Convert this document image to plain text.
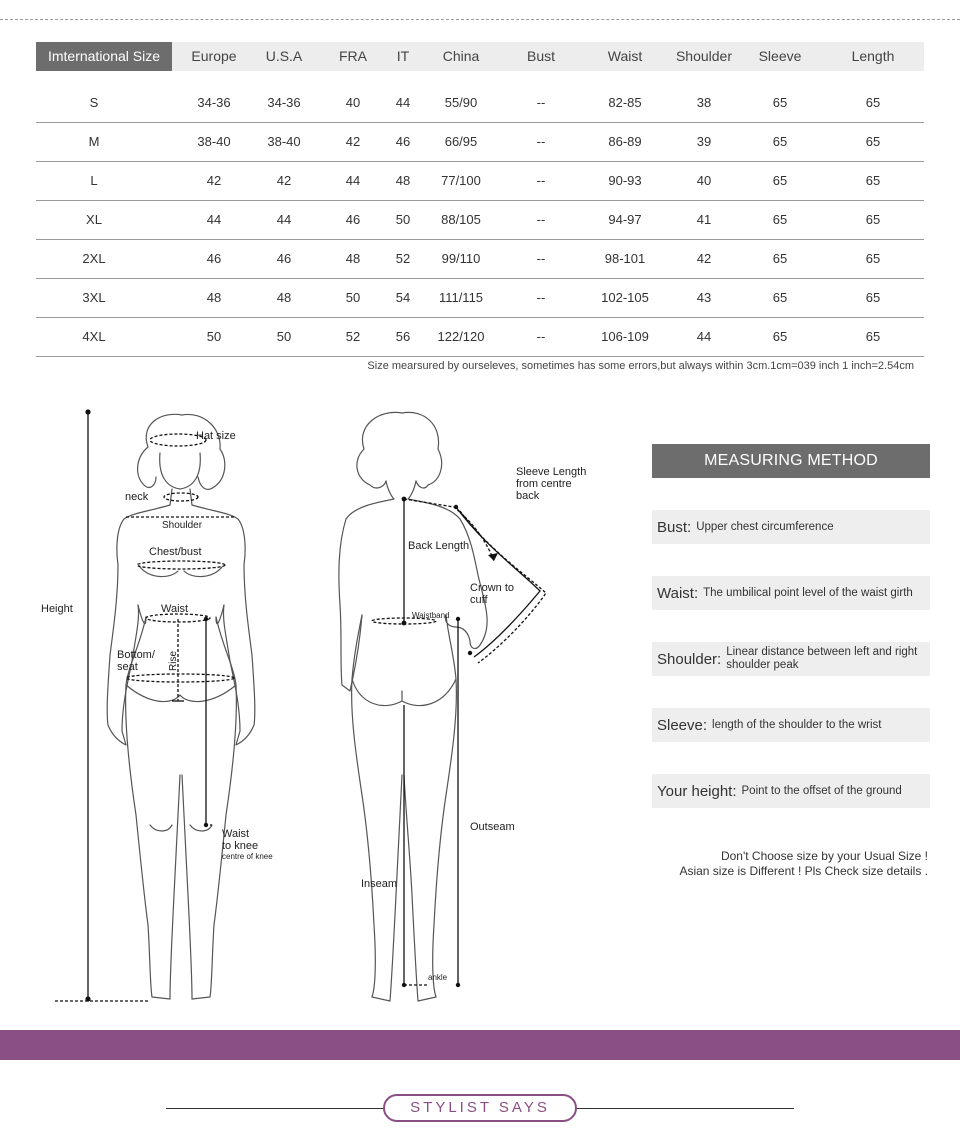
Imternational Size	Europe	U.S.A	FRA	IT	China	Bust	Waist	Shoulder	Sleeve	Length
S	34-36	34-36	40	44	55/90	--	82-85	38	65	65
M	38-40	38-40	42	46	66/95	--	86-89	39	65	65
L	42	42	44	48	77/100	--	90-93	40	65	65
XL	44	44	46	50	88/105	--	94-97	41	65	65
2XL	46	46	48	52	99/110	--	98-101	42	65	65
3XL	48	48	50	54	111/115	--	102-105	43	65	65
4XL	50	50	52	56	122/120	--	106-109	44	65	65
Size mearsured by ourseleves, sometimes has some errors,but always within 3cm.1cm=039 inch 1 inch=2.54cm
Height
Hat size
neck
Shoulder
Chest/bust
Waist
Bottom/
seat	Rise
Waist
to knee
centre of knee
Sleeve Length
from centre
back
Back Length
Crown to
cuff
Waistband
Outseam
Inseam
ankle
MEASURING METHOD
Bust: Upper chest circumference
Waist: The umbilical point level of the waist girth
Shoulder: Linear distance between left and right shoulder peak
Sleeve: length of the shoulder to the wrist
Your height: Point to the offset of the ground
Don't Choose size by your Usual Size !
Asian size is Different ! Pls Check size details .
STYLIST SAYS
